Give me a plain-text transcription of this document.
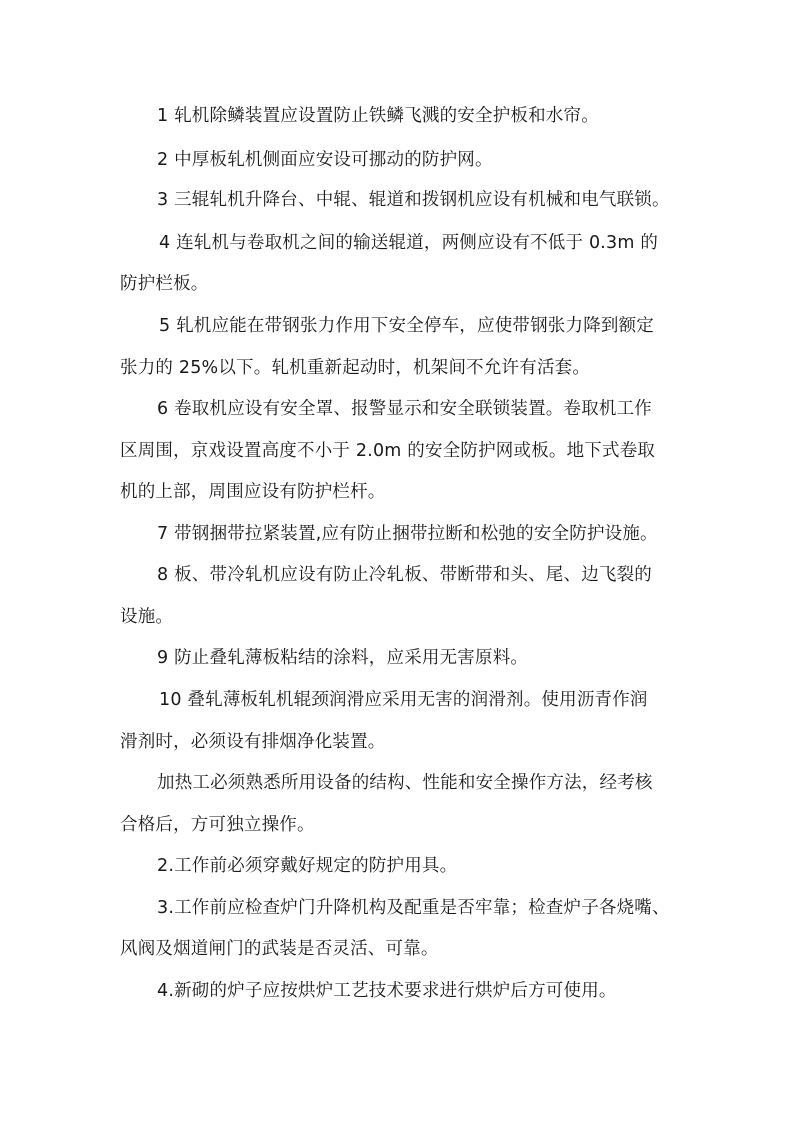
1 轧机除鳞装置应设置防止铁鳞飞溅的安全护板和水帘。
2 中厚板轧机侧面应安设可挪动的防护网。
3 三辊轧机升降台、中辊、辊道和拨钢机应设有机械和电气联锁。
4 连轧机与卷取机之间的输送辊道，两侧应设有不低于 0.3m 的
防护栏板。
5 轧机应能在带钢张力作用下安全停车，应使带钢张力降到额定
张力的 25%以下。轧机重新起动时，机架间不允许有活套。
6 卷取机应设有安全罩、报警显示和安全联锁装置。卷取机工作
区周围，京戏设置高度不小于 2.0m 的安全防护网或板。地下式卷取
机的上部，周围应设有防护栏杆。
7 带钢捆带拉紧装置,应有防止捆带拉断和松弛的安全防护设施。
8 板、带冷轧机应设有防止冷轧板、带断带和头、尾、边飞裂的
设施。
9 防止叠轧薄板粘结的涂料，应采用无害原料。
10 叠轧薄板轧机辊颈润滑应采用无害的润滑剂。使用沥青作润
滑剂时，必须设有排烟净化装置。
加热工必须熟悉所用设备的结构、性能和安全操作方法，经考核
合格后，方可独立操作。
2.工作前必须穿戴好规定的防护用具。
3.工作前应检查炉门升降机构及配重是否牢靠；检查炉子各烧嘴、
风阀及烟道闸门的武装是否灵活、可靠。
4.新砌的炉子应按烘炉工艺技术要求进行烘炉后方可使用。
